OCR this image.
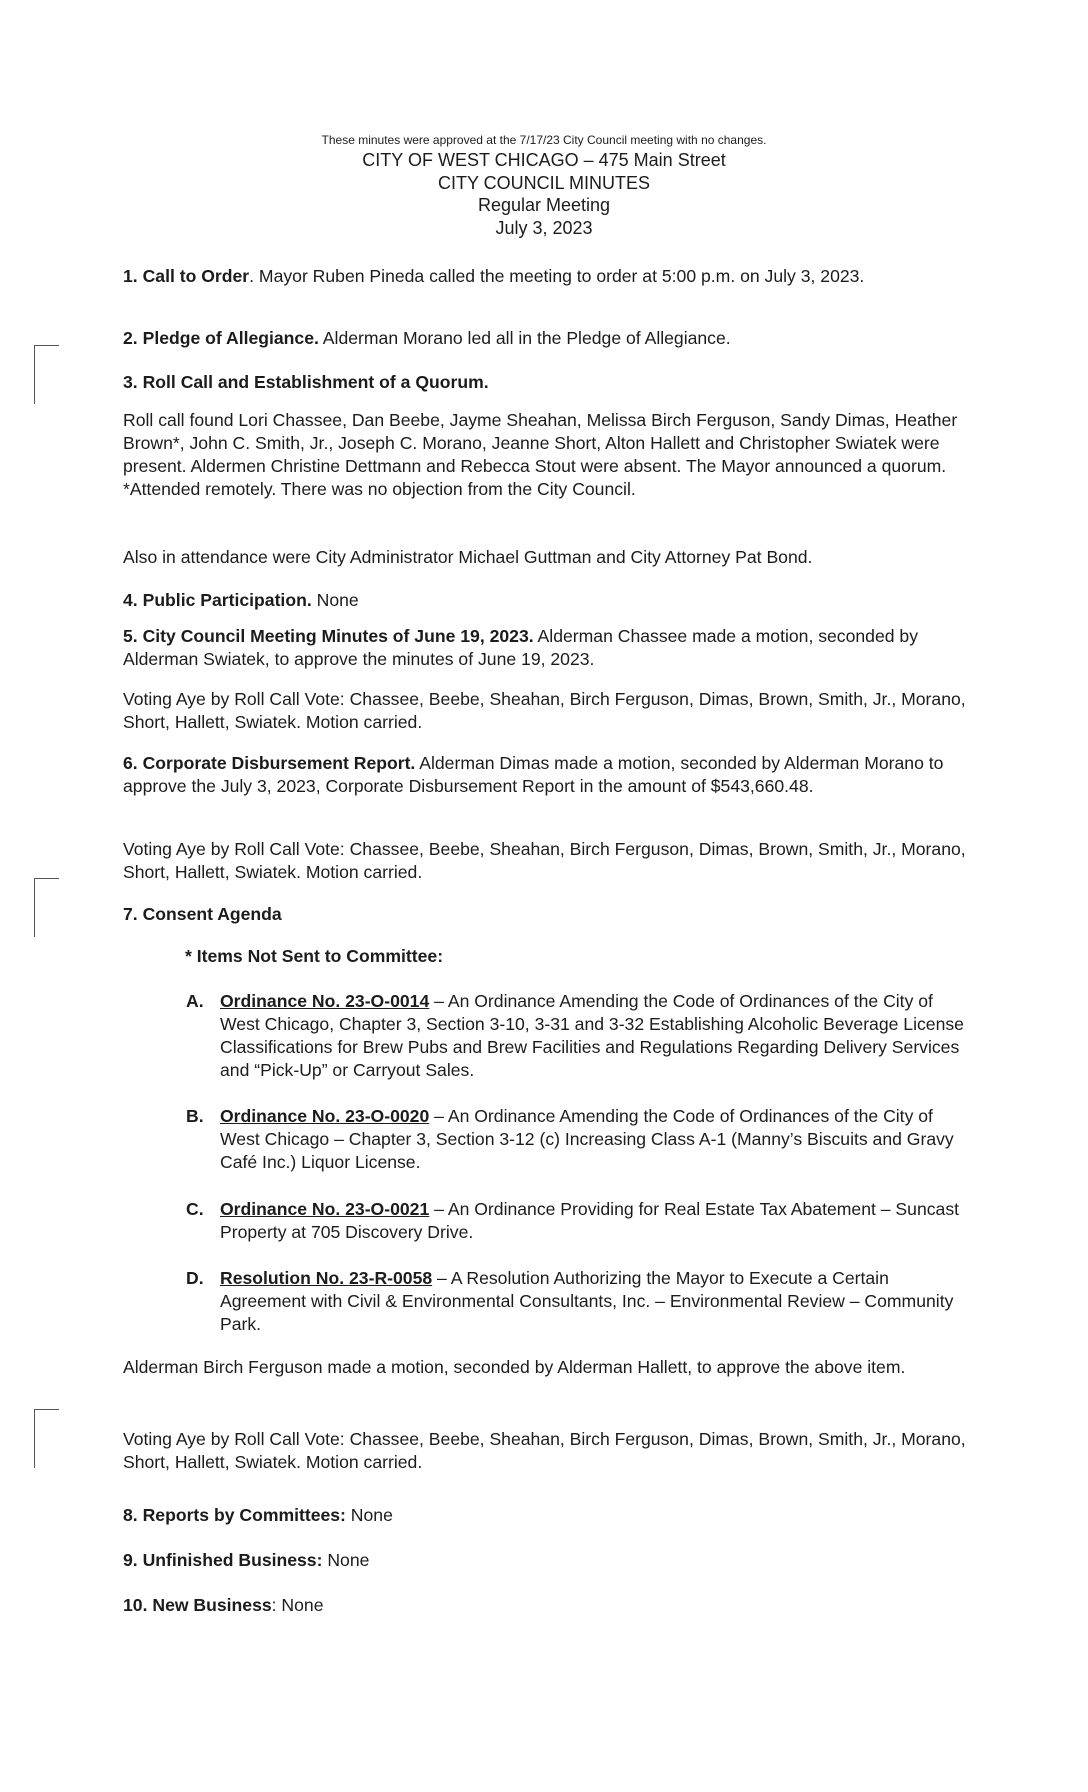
These minutes were approved at the 7/17/23 City Council meeting with no changes.
CITY OF WEST CHICAGO – 475 Main Street
CITY COUNCIL MINUTES
Regular Meeting
July 3, 2023
1. Call to Order. Mayor Ruben Pineda called the meeting to order at 5:00 p.m. on July 3, 2023.
2. Pledge of Allegiance. Alderman Morano led all in the Pledge of Allegiance.
3. Roll Call and Establishment of a Quorum.
Roll call found Lori Chassee, Dan Beebe, Jayme Sheahan, Melissa Birch Ferguson, Sandy Dimas, Heather Brown*, John C. Smith, Jr., Joseph C. Morano, Jeanne Short, Alton Hallett and Christopher Swiatek were present. Aldermen Christine Dettmann and Rebecca Stout were absent. The Mayor announced a quorum.
*Attended remotely. There was no objection from the City Council.
Also in attendance were City Administrator Michael Guttman and City Attorney Pat Bond.
4. Public Participation. None
5. City Council Meeting Minutes of June 19, 2023. Alderman Chassee made a motion, seconded by Alderman Swiatek, to approve the minutes of June 19, 2023.
Voting Aye by Roll Call Vote: Chassee, Beebe, Sheahan, Birch Ferguson, Dimas, Brown, Smith, Jr., Morano, Short, Hallett, Swiatek. Motion carried.
6. Corporate Disbursement Report. Alderman Dimas made a motion, seconded by Alderman Morano to approve the July 3, 2023, Corporate Disbursement Report in the amount of $543,660.48.
Voting Aye by Roll Call Vote: Chassee, Beebe, Sheahan, Birch Ferguson, Dimas, Brown, Smith, Jr., Morano, Short, Hallett, Swiatek. Motion carried.
7. Consent Agenda
* Items Not Sent to Committee:
A. Ordinance No. 23-O-0014 – An Ordinance Amending the Code of Ordinances of the City of West Chicago, Chapter 3, Section 3-10, 3-31 and 3-32 Establishing Alcoholic Beverage License Classifications for Brew Pubs and Brew Facilities and Regulations Regarding Delivery Services and “Pick-Up” or Carryout Sales.
B. Ordinance No. 23-O-0020 – An Ordinance Amending the Code of Ordinances of the City of West Chicago – Chapter 3, Section 3-12 (c) Increasing Class A-1 (Manny’s Biscuits and Gravy Café Inc.) Liquor License.
C. Ordinance No. 23-O-0021 – An Ordinance Providing for Real Estate Tax Abatement – Suncast Property at 705 Discovery Drive.
D. Resolution No. 23-R-0058 – A Resolution Authorizing the Mayor to Execute a Certain Agreement with Civil & Environmental Consultants, Inc. – Environmental Review – Community Park.
Alderman Birch Ferguson made a motion, seconded by Alderman Hallett, to approve the above item.
Voting Aye by Roll Call Vote: Chassee, Beebe, Sheahan, Birch Ferguson, Dimas, Brown, Smith, Jr., Morano, Short, Hallett, Swiatek. Motion carried.
8. Reports by Committees: None
9. Unfinished Business: None
10. New Business: None
